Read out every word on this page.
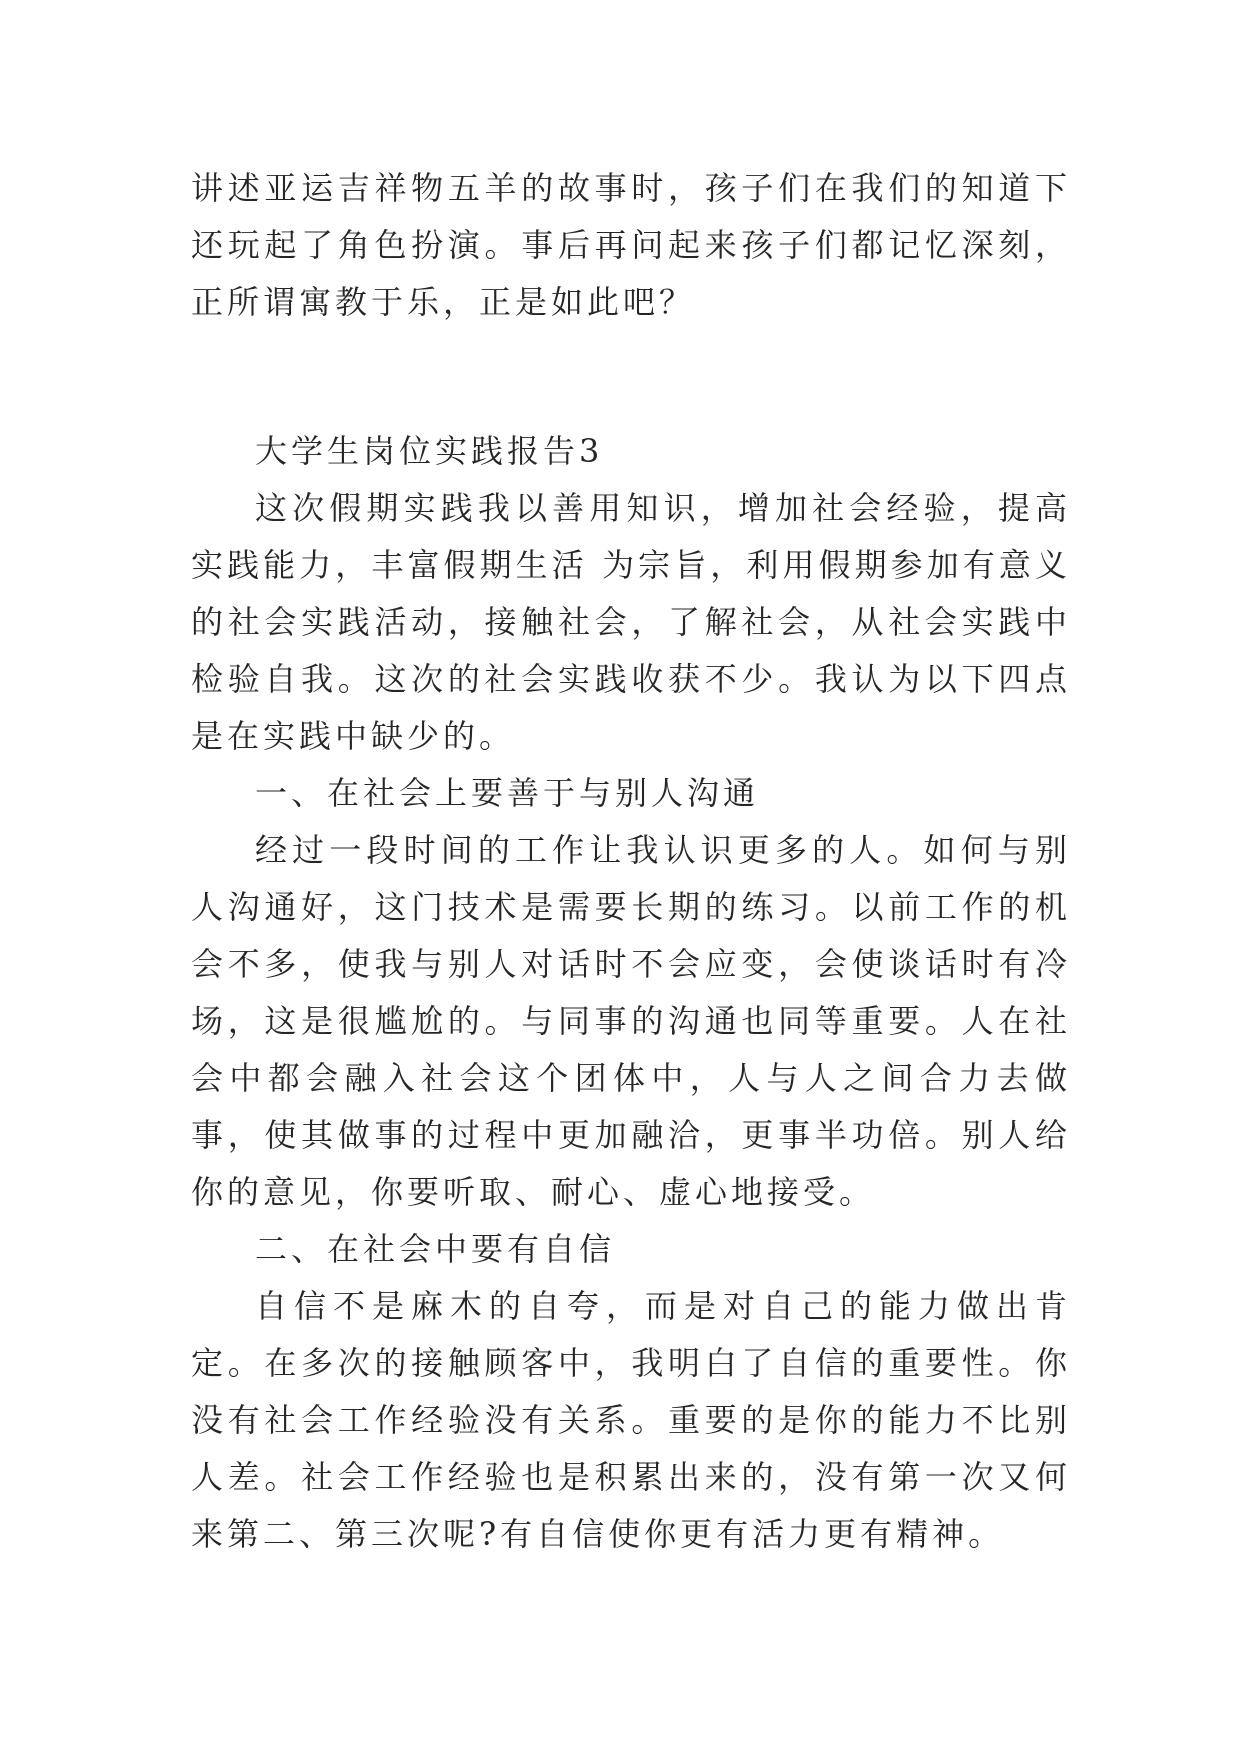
讲述亚运吉祥物五羊的故事时，孩子们在我们的知道下还玩起了角色扮演。事后再问起来孩子们都记忆深刻，正所谓寓教于乐，正是如此吧？

大学生岗位实践报告3

这次假期实践我以善用知识，增加社会经验，提高实践能力，丰富假期生活 为宗旨，利用假期参加有意义的社会实践活动，接触社会，了解社会，从社会实践中检验自我。这次的社会实践收获不少。我认为以下四点是在实践中缺少的。

一、在社会上要善于与别人沟通

经过一段时间的工作让我认识更多的人。如何与别人沟通好，这门技术是需要长期的练习。以前工作的机会不多，使我与别人对话时不会应变，会使谈话时有冷场，这是很尴尬的。与同事的沟通也同等重要。人在社会中都会融入社会这个团体中，人与人之间合力去做事，使其做事的过程中更加融洽，更事半功倍。别人给你的意见，你要听取、耐心、虚心地接受。

二、在社会中要有自信

自信不是麻木的自夸，而是对自己的能力做出肯定。在多次的接触顾客中，我明白了自信的重要性。你没有社会工作经验没有关系。重要的是你的能力不比别人差。社会工作经验也是积累出来的，没有第一次又何来第二、第三次呢?有自信使你更有活力更有精神。
